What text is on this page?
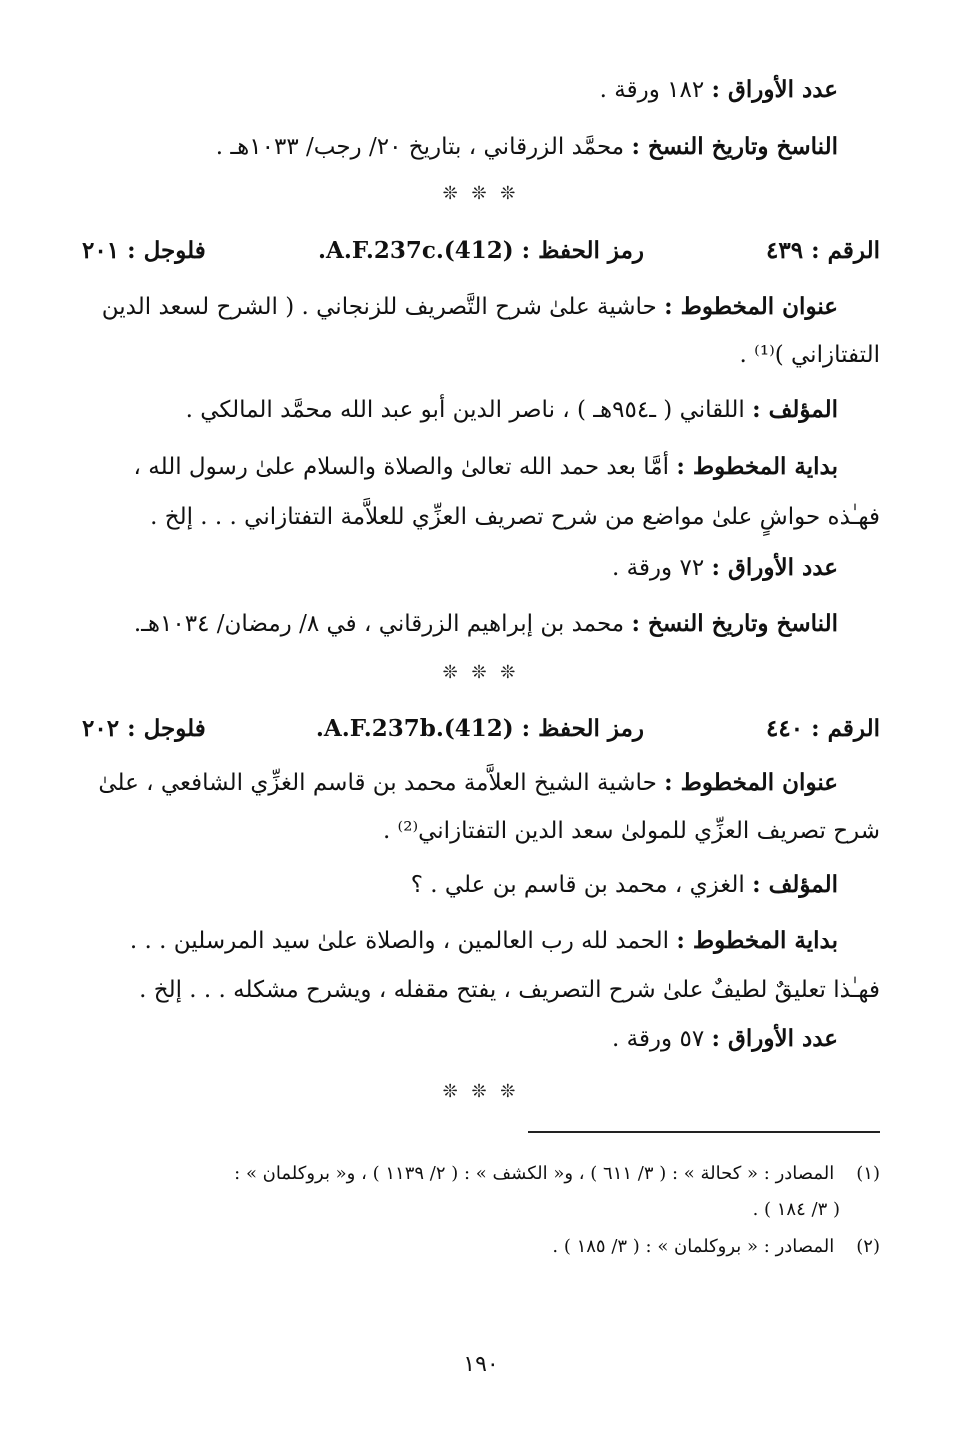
عدد الأوراق : ١٨٢ ورقة .
الناسخ وتاريخ النسخ : محمَّد الزرقاني ، بتاريخ ٢٠/ رجب/ ١٠٣٣هـ .
❊ ❊ ❊
الرقم : ٤٣٩
رمز الحفظ : A.F.237c.(412).
فلوجل : ٢٠١
عنوان المخطوط : حاشية علىٰ شرح التَّصريف للزنجاني . ( الشرح لسعد الدين
التفتازاني )⁽¹⁾ .
المؤلف : اللقاني ( ـ٩٥٤هـ ) ، ناصر الدين أبو عبد الله محمَّد المالكي .
بداية المخطوط : أمَّا بعد حمد الله تعالىٰ والصلاة والسلام علىٰ رسول الله ،
فهـٰذه حواشٍ علىٰ مواضع من شرح تصريف العزِّي للعلاَّمة التفتازاني . . . إلخ .
عدد الأوراق : ٧٢ ورقة .
الناسخ وتاريخ النسخ : محمد بن إبراهيم الزرقاني ، في ٨/ رمضان/ ١٠٣٤هـ.
❊ ❊ ❊
الرقم : ٤٤٠
رمز الحفظ : A.F.237b.(412).
فلوجل : ٢٠٢
عنوان المخطوط : حاشية الشيخ العلاَّمة محمد بن قاسم الغزِّي الشافعي ، علىٰ
شرح تصريف العزِّي للمولىٰ سعد الدين التفتازاني⁽²⁾ .
المؤلف : الغزي ، محمد بن قاسم بن علي . ؟
بداية المخطوط : الحمد لله رب العالمين ، والصلاة علىٰ سيد المرسلين . . .
فهـٰذا تعليقٌ لطيفٌ علىٰ شرح التصريف ، يفتح مقفله ، ويشرح مشكله . . . إلخ .
عدد الأوراق : ٥٧ ورقة .
❊ ❊ ❊
(١) المصادر : « كحالة » : ( ٣/ ٦١١ ) ، و« الكشف » : ( ٢/ ١١٣٩ ) ، و« بروكلمان » :
( ٣/ ١٨٤ ) .
(٢) المصادر : « بروكلمان » : ( ٣/ ١٨٥ ) .
١٩٠
